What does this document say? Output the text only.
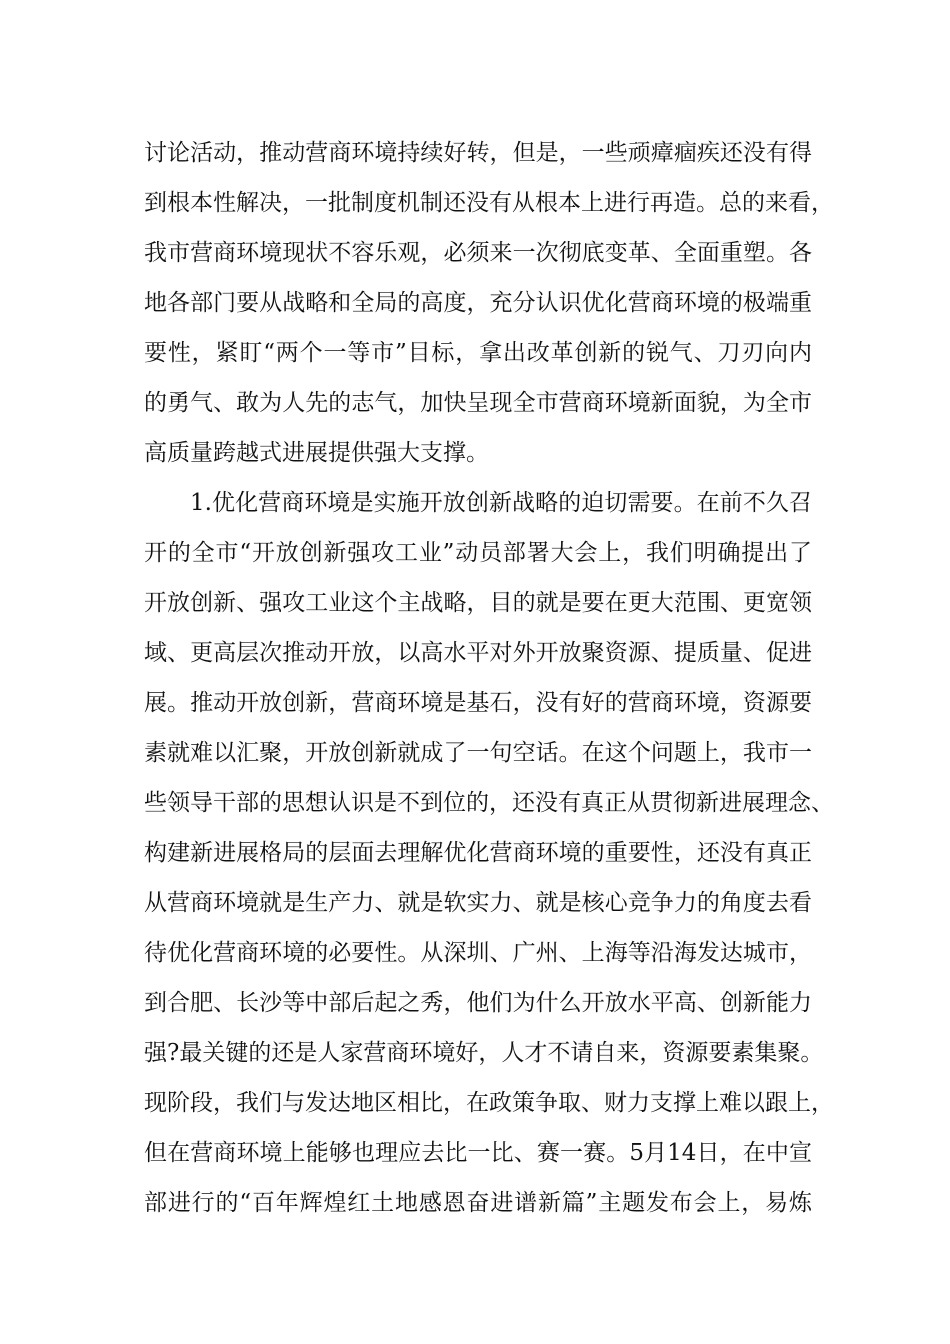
讨论活动，推动营商环境持续好转，但是，一些顽瘴痼疾还没有得
到根本性解决，一批制度机制还没有从根本上进行再造。总的来看，
我市营商环境现状不容乐观，必须来一次彻底变革、全面重塑。各
地各部门要从战略和全局的高度，充分认识优化营商环境的极端重
要性，紧盯“两个一等市”目标，拿出改革创新的锐气、刀刃向内
的勇气、敢为人先的志气，加快呈现全市营商环境新面貌，为全市
高质量跨越式进展提供强大支撑。
1.优化营商环境是实施开放创新战略的迫切需要。在前不久召
开的全市“开放创新强攻工业”动员部署大会上，我们明确提出了
开放创新、强攻工业这个主战略，目的就是要在更大范围、更宽领
域、更高层次推动开放，以高水平对外开放聚资源、提质量、促进
展。推动开放创新，营商环境是基石，没有好的营商环境，资源要
素就难以汇聚，开放创新就成了一句空话。在这个问题上，我市一
些领导干部的思想认识是不到位的，还没有真正从贯彻新进展理念、
构建新进展格局的层面去理解优化营商环境的重要性，还没有真正
从营商环境就是生产力、就是软实力、就是核心竞争力的角度去看
待优化营商环境的必要性。从深圳、广州、上海等沿海发达城市，
到合肥、长沙等中部后起之秀，他们为什么开放水平高、创新能力
强?最关键的还是人家营商环境好，人才不请自来，资源要素集聚。
现阶段，我们与发达地区相比，在政策争取、财力支撑上难以跟上，
但在营商环境上能够也理应去比一比、赛一赛。5月14日，在中宣
部进行的“百年辉煌红土地感恩奋进谱新篇”主题发布会上，易炼
